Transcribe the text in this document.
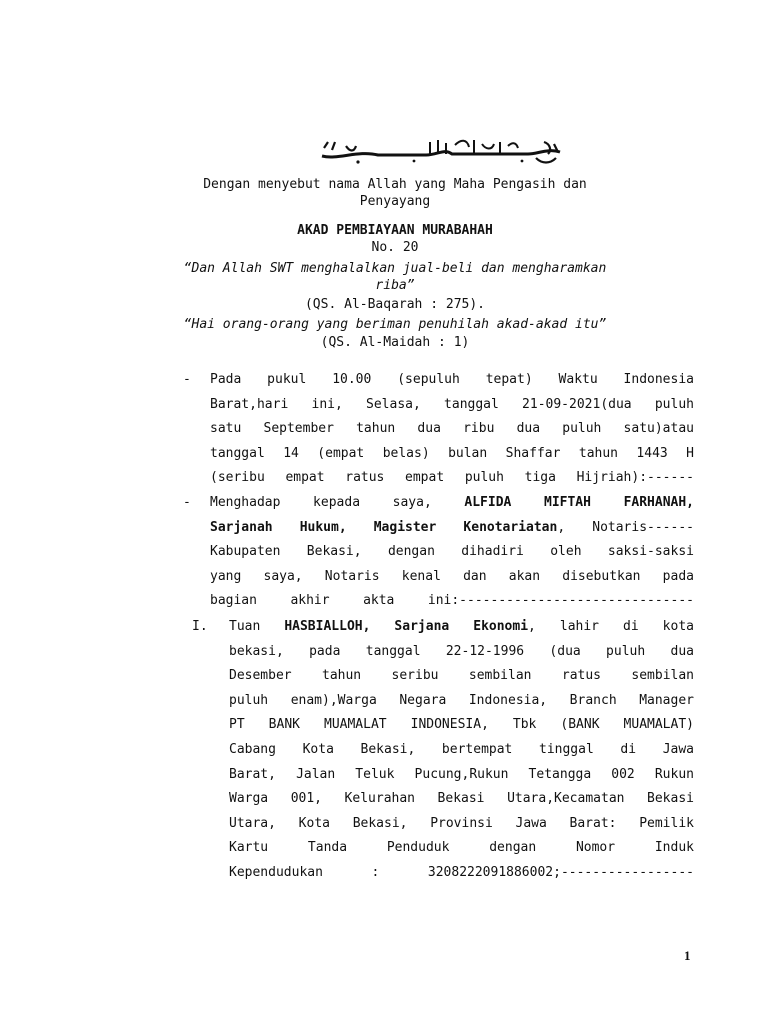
Dengan menyebut nama Allah yang Maha Pengasih dan
Penyayang
AKAD PEMBIAYAAN MURABAHAH
No. 20
“Dan Allah SWT menghalalkan jual-beli dan mengharamkan
riba”
(QS. Al-Baqarah : 275).
“Hai orang-orang yang beriman penuhilah akad-akad itu”
(QS. Al-Maidah : 1)
- Pada pukul 10.00 (sepuluh tepat) Waktu Indonesia
Barat,hari ini, Selasa, tanggal 21-09-2021(dua puluh
satu September tahun dua ribu dua puluh satu)atau
tanggal 14 (empat belas) bulan Shaffar tahun 1443 H
(seribu empat ratus empat puluh tiga Hijriah):------
- Menghadap kepada saya, ALFIDA MIFTAH FARHANAH,
Sarjanah Hukum, Magister Kenotariatan, Notaris------
Kabupaten Bekasi, dengan dihadiri oleh saksi-saksi
yang saya, Notaris kenal dan akan disebutkan pada
bagian akhir akta ini:------------------------------
I. Tuan HASBIALLOH, Sarjana Ekonomi, lahir di kota
bekasi, pada tanggal 22-12-1996 (dua puluh dua
Desember tahun seribu sembilan ratus sembilan
puluh enam),Warga Negara Indonesia, Branch Manager
PT BANK MUAMALAT INDONESIA, Tbk (BANK MUAMALAT)
Cabang Kota Bekasi, bertempat tinggal di Jawa
Barat, Jalan Teluk Pucung,Rukun Tetangga 002 Rukun
Warga 001, Kelurahan Bekasi Utara,Kecamatan Bekasi
Utara, Kota Bekasi, Provinsi Jawa Barat: Pemilik
Kartu Tanda Penduduk dengan Nomor Induk
Kependudukan : 3208222091886002;-----------------
1
